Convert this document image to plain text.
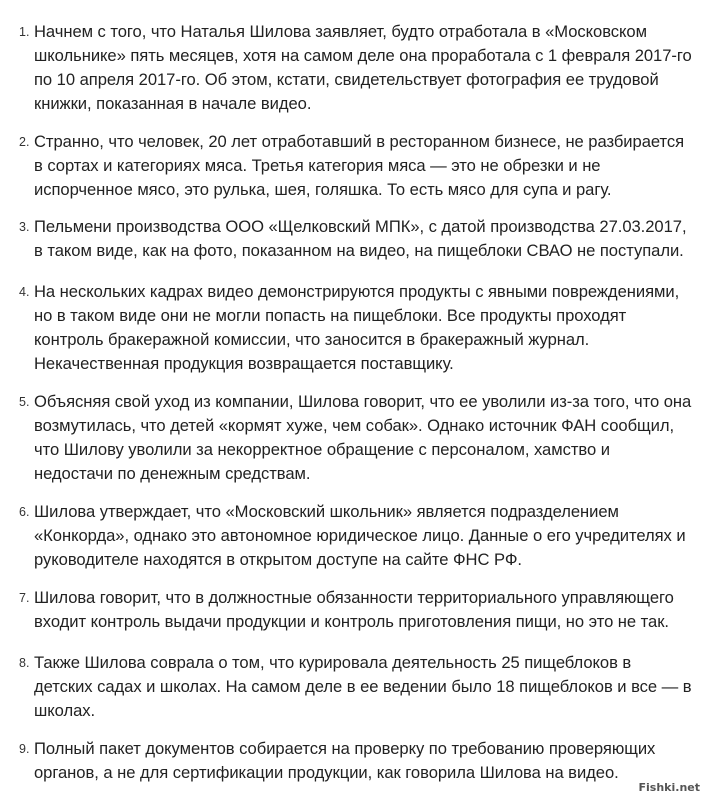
1. Начнем с того, что Наталья Шилова заявляет, будто отработала в «Московском
школьнике» пять месяцев, хотя на самом деле она проработала с 1 февраля 2017-го
по 10 апреля 2017-го. Об этом, кстати, свидетельствует фотография ее трудовой
книжки, показанная в начале видео.
2. Странно, что человек, 20 лет отработавший в ресторанном бизнесе, не разбирается
в сортах и категориях мяса. Третья категория мяса — это не обрезки и не
испорченное мясо, это рулька, шея, голяшка. То есть мясо для супа и рагу.
3. Пельмени производства ООО «Щелковский МПК», с датой производства 27.03.2017,
в таком виде, как на фото, показанном на видео, на пищеблоки СВАО не поступали.
4. На нескольких кадрах видео демонстрируются продукты с явными повреждениями,
но в таком виде они не могли попасть на пищеблоки. Все продукты проходят
контроль бракеражной комиссии, что заносится в бракеражный журнал.
Некачественная продукция возвращается поставщику.
5. Объясняя свой уход из компании, Шилова говорит, что ее уволили из-за того, что она
возмутилась, что детей «кормят хуже, чем собак». Однако источник ФАН сообщил,
что Шилову уволили за некорректное обращение с персоналом, хамство и
недостачи по денежным средствам.
6. Шилова утверждает, что «Московский школьник» является подразделением
«Конкорда», однако это автономное юридическое лицо. Данные о его учредителях и
руководителе находятся в открытом доступе на сайте ФНС РФ.
7. Шилова говорит, что в должностные обязанности территориального управляющего
входит контроль выдачи продукции и контроль приготовления пищи, но это не так.
8. Также Шилова соврала о том, что курировала деятельность 25 пищеблоков в
детских садах и школах. На самом деле в ее ведении было 18 пищеблоков и все — в
школах.
9. Полный пакет документов собирается на проверку по требованию проверяющих
органов, а не для сертификации продукции, как говорила Шилова на видео.
Fishki.net
